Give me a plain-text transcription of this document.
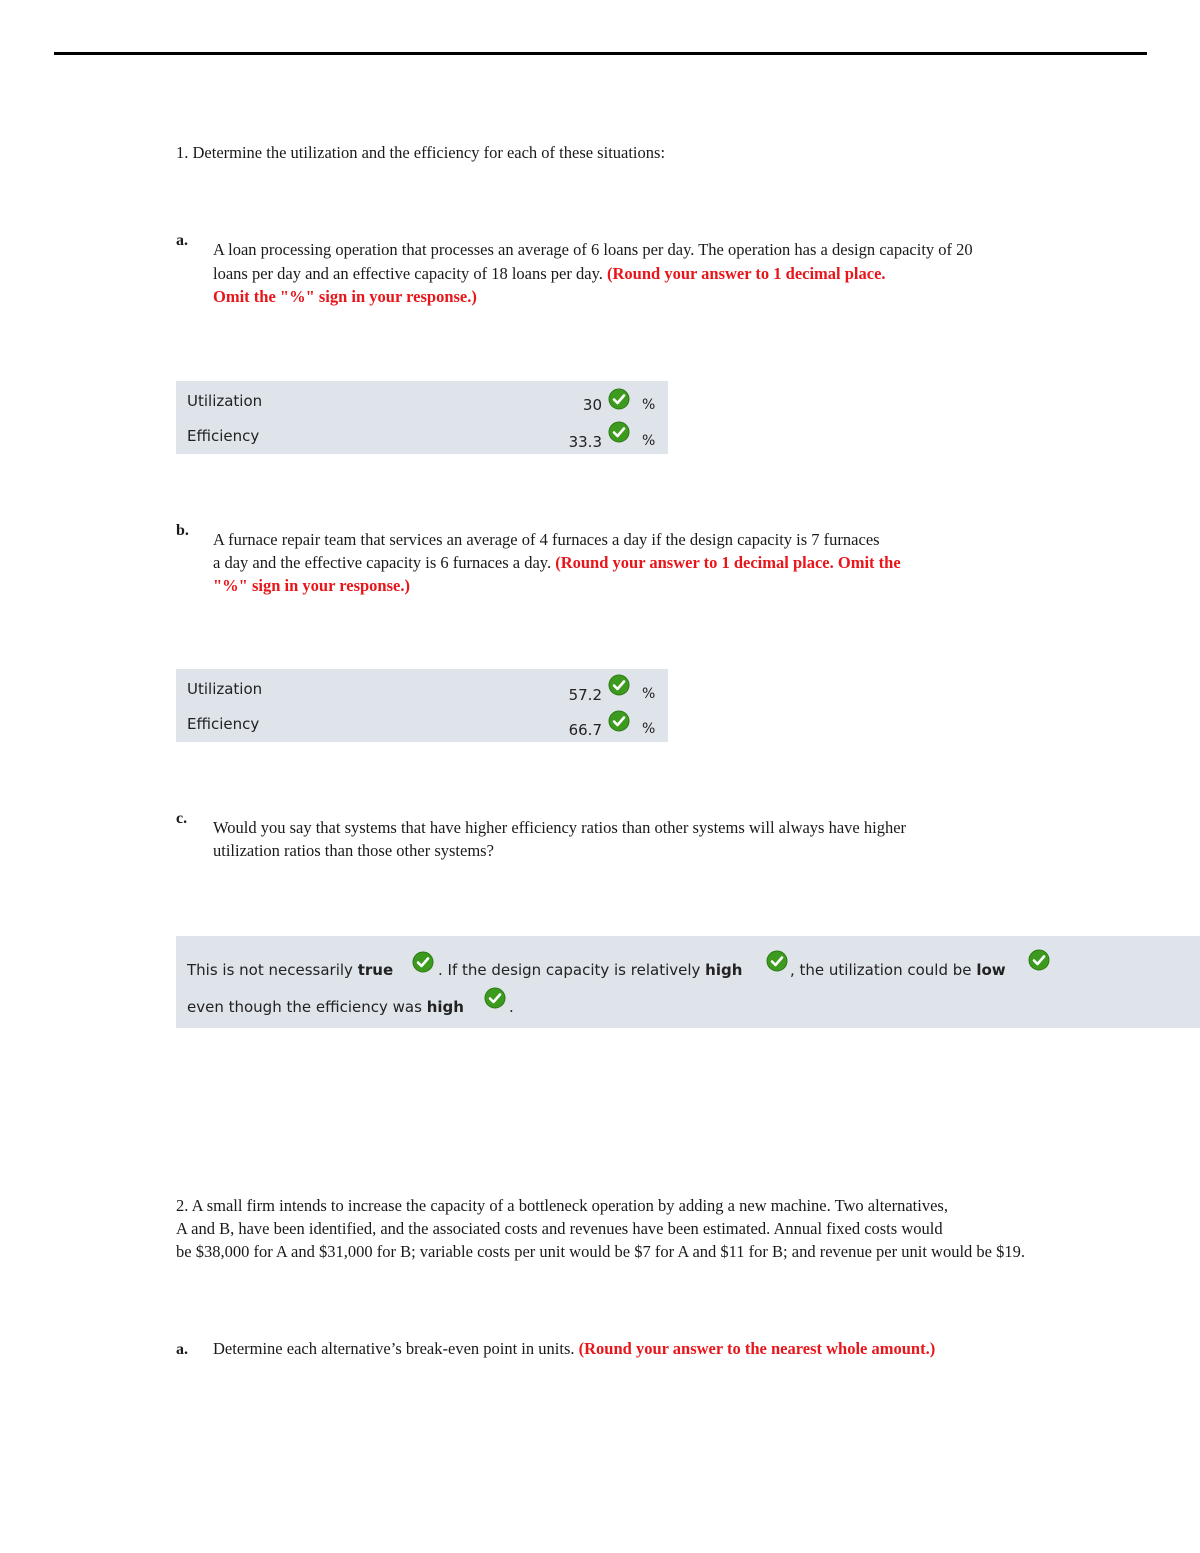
1. Determine the utilization and the efficiency for each of these situations:
a. A loan processing operation that processes an average of 6 loans per day. The operation has a design capacity of 20
loans per day and an effective capacity of 18 loans per day. (Round your answer to 1 decimal place.
Omit the "%" sign in your response.)
Utilization	30	%
Efficiency	33.3	%
b. A furnace repair team that services an average of 4 furnaces a day if the design capacity is 7 furnaces
a day and the effective capacity is 6 furnaces a day. (Round your answer to 1 decimal place. Omit the
"%" sign in your response.)
Utilization	57.2	%
Efficiency	66.7	%
c. Would you say that systems that have higher efficiency ratios than other systems will always have higher
utilization ratios than those other systems?
This is not necessarily true	. If the design capacity is relatively high	, the utilization could be low
even though the efficiency was high	.
2. A small firm intends to increase the capacity of a bottleneck operation by adding a new machine. Two alternatives,
A and B, have been identified, and the associated costs and revenues have been estimated. Annual fixed costs would
be $38,000 for A and $31,000 for B; variable costs per unit would be $7 for A and $11 for B; and revenue per unit would be $19.
a. Determine each alternative’s break-even point in units. (Round your answer to the nearest whole amount.)
